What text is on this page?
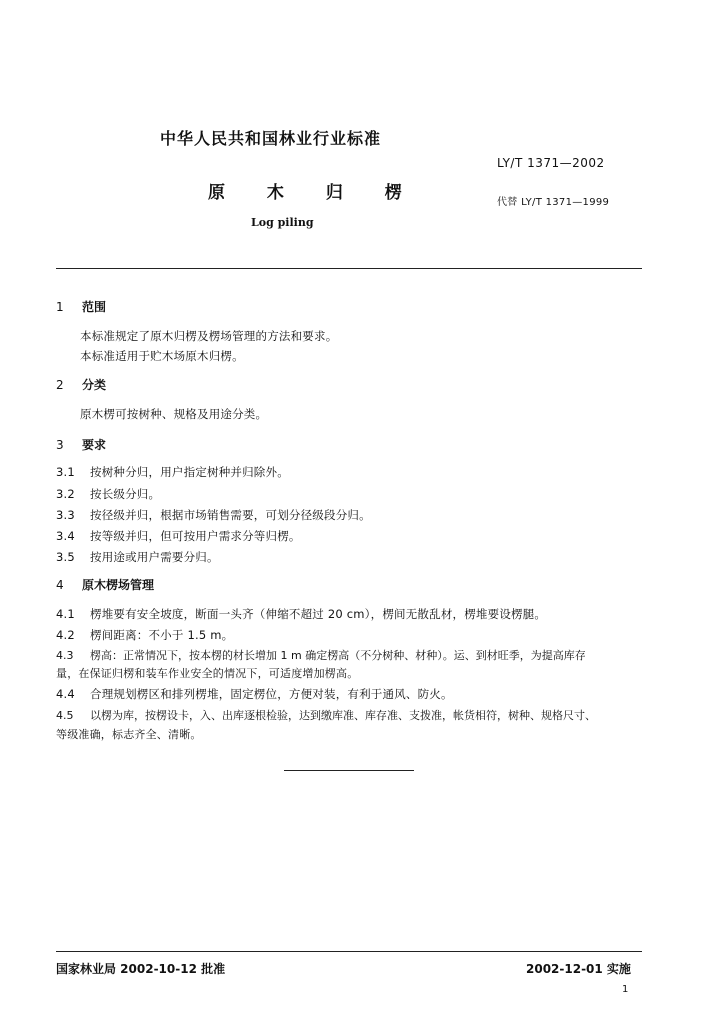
中华人民共和国林业行业标准
LY/T 1371—2002
原 木 归 楞	代替 LY/T 1371—1999
Log piling
1 范围
本标准规定了原木归楞及楞场管理的方法和要求。
本标准适用于贮木场原木归楞。
2 分类
原木楞可按树种、规格及用途分类。
3 要求
3.1 按树种分归，用户指定树种并归除外。
3.2 按长级分归。
3.3 按径级并归，根据市场销售需要，可划分径级段分归。
3.4 按等级并归，但可按用户需求分等归楞。
3.5 按用途或用户需要分归。
4 原木楞场管理
4.1 楞堆要有安全坡度，断面一头齐（伸缩不超过 20 cm），楞间无散乱材，楞堆要设楞腿。
4.2 楞间距离：不小于 1.5 m。
4.3 楞高：正常情况下，按本楞的材长增加 1 m 确定楞高（不分树种、材种）。运、到材旺季，为提高库存
量，在保证归楞和装车作业安全的情况下，可适度增加楞高。
4.4 合理规划楞区和排列楞堆，固定楞位，方便对装，有利于通风、防火。
4.5 以楞为库，按楞设卡，入、出库逐根检验，达到缴库准、库存准、支拨准，帐货相符，树种、规格尺寸、
等级准确，标志齐全、清晰。
国家林业局 2002-10-12 批准	2002-12-01 实施
1
